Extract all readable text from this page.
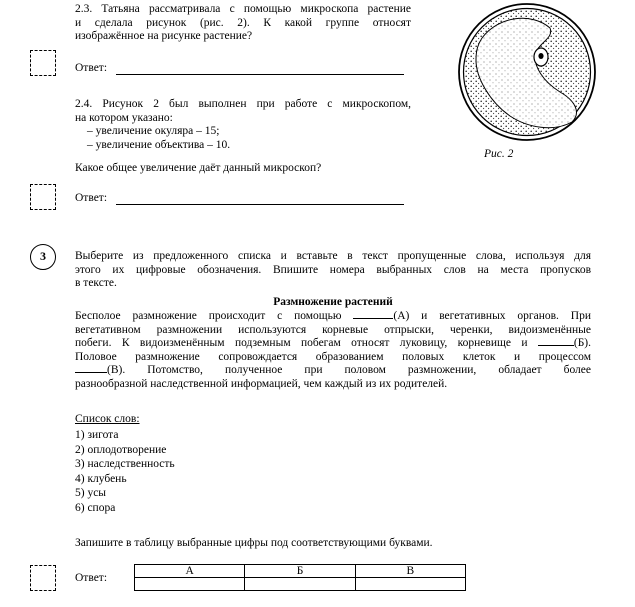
2.3. Татьяна рассматривала с помощью микроскопа растение
и сделала рисунок (рис. 2). К какой группе относят
изображённое на рисунке растение?
Ответ:
Рис. 2
2.4. Рисунок 2 был выполнен при работе с микроскопом,
на котором указано:
– увеличение окуляра – 15;
– увеличение объектива – 10.
Какое общее увеличение даёт данный микроскоп?
Ответ:
3	Выберите из предложенного списка и вставьте в текст пропущенные слова, используя для
этого их цифровые обозначения. Впишите номера выбранных слов на места пропусков
в тексте.
Размножение растений
Бесполое размножение происходит с помощью	(А) и вегетативных органов. При
вегетативном размножении используются корневые отпрыски, черенки, видоизменённые
побеги. К видоизменённым подземным побегам относят луковицу, корневище и	(Б).
Половое размножение сопровождается образованием половых клеток и процессом
(В). Потомство, полученное при половом размножении, обладает более
разнообразной наследственной информацией, чем каждый из их родителей.
Список слов:
1) зигота
2) оплодотворение
3) наследственность
4) клубень
5) усы
6) спора
Запишите в таблицу выбранные цифры под соответствующими буквами.
Ответ:
А	Б	В
